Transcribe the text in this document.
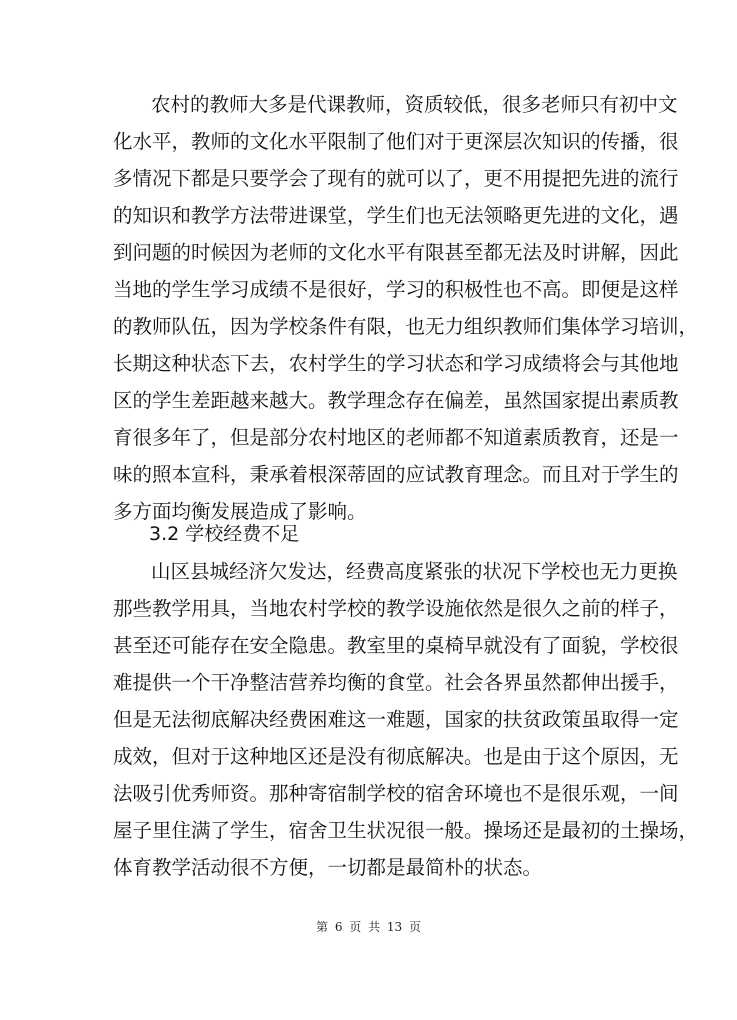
农村的教师大多是代课教师，资质较低，很多老师只有初中文
化水平，教师的文化水平限制了他们对于更深层次知识的传播，很
多情况下都是只要学会了现有的就可以了，更不用提把先进的流行
的知识和教学方法带进课堂，学生们也无法领略更先进的文化，遇
到问题的时候因为老师的文化水平有限甚至都无法及时讲解，因此
当地的学生学习成绩不是很好，学习的积极性也不高。即便是这样
的教师队伍，因为学校条件有限，也无力组织教师们集体学习培训，
长期这种状态下去，农村学生的学习状态和学习成绩将会与其他地
区的学生差距越来越大。教学理念存在偏差，虽然国家提出素质教
育很多年了，但是部分农村地区的老师都不知道素质教育，还是一
味的照本宣科，秉承着根深蒂固的应试教育理念。而且对于学生的
多方面均衡发展造成了影响。
3.2 学校经费不足
山区县城经济欠发达，经费高度紧张的状况下学校也无力更换
那些教学用具，当地农村学校的教学设施依然是很久之前的样子，
甚至还可能存在安全隐患。教室里的桌椅早就没有了面貌，学校很
难提供一个干净整洁营养均衡的食堂。社会各界虽然都伸出援手，
但是无法彻底解决经费困难这一难题，国家的扶贫政策虽取得一定
成效，但对于这种地区还是没有彻底解决。也是由于这个原因，无
法吸引优秀师资。那种寄宿制学校的宿舍环境也不是很乐观，一间
屋子里住满了学生，宿舍卫生状况很一般。操场还是最初的土操场，
体育教学活动很不方便，一切都是最简朴的状态。
第 6 页 共 13 页
